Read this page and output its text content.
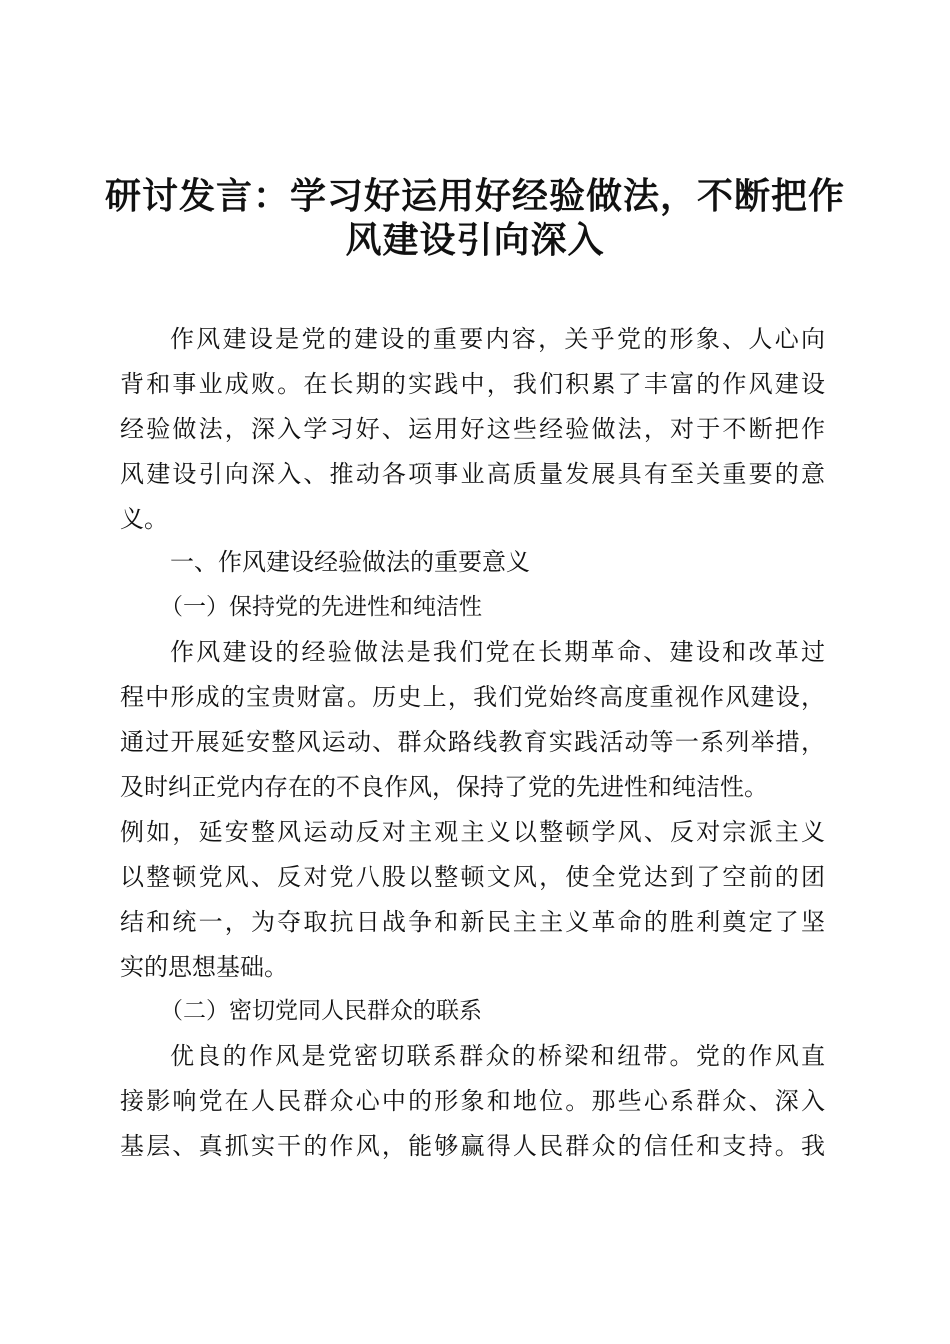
研讨发言：学习好运用好经验做法，不断把作
风建设引向深入
作风建设是党的建设的重要内容，关乎党的形象、人心向
背和事业成败。在长期的实践中，我们积累了丰富的作风建设
经验做法，深入学习好、运用好这些经验做法，对于不断把作
风建设引向深入、推动各项事业高质量发展具有至关重要的意
义。
一、作风建设经验做法的重要意义
（一）保持党的先进性和纯洁性
作风建设的经验做法是我们党在长期革命、建设和改革过
程中形成的宝贵财富。历史上，我们党始终高度重视作风建设，
通过开展延安整风运动、群众路线教育实践活动等一系列举措，
及时纠正党内存在的不良作风，保持了党的先进性和纯洁性。
例如，延安整风运动反对主观主义以整顿学风、反对宗派主义
以整顿党风、反对党八股以整顿文风，使全党达到了空前的团
结和统一，为夺取抗日战争和新民主主义革命的胜利奠定了坚
实的思想基础。
（二）密切党同人民群众的联系
优良的作风是党密切联系群众的桥梁和纽带。党的作风直
接影响党在人民群众心中的形象和地位。那些心系群众、深入
基层、真抓实干的作风，能够赢得人民群众的信任和支持。我
